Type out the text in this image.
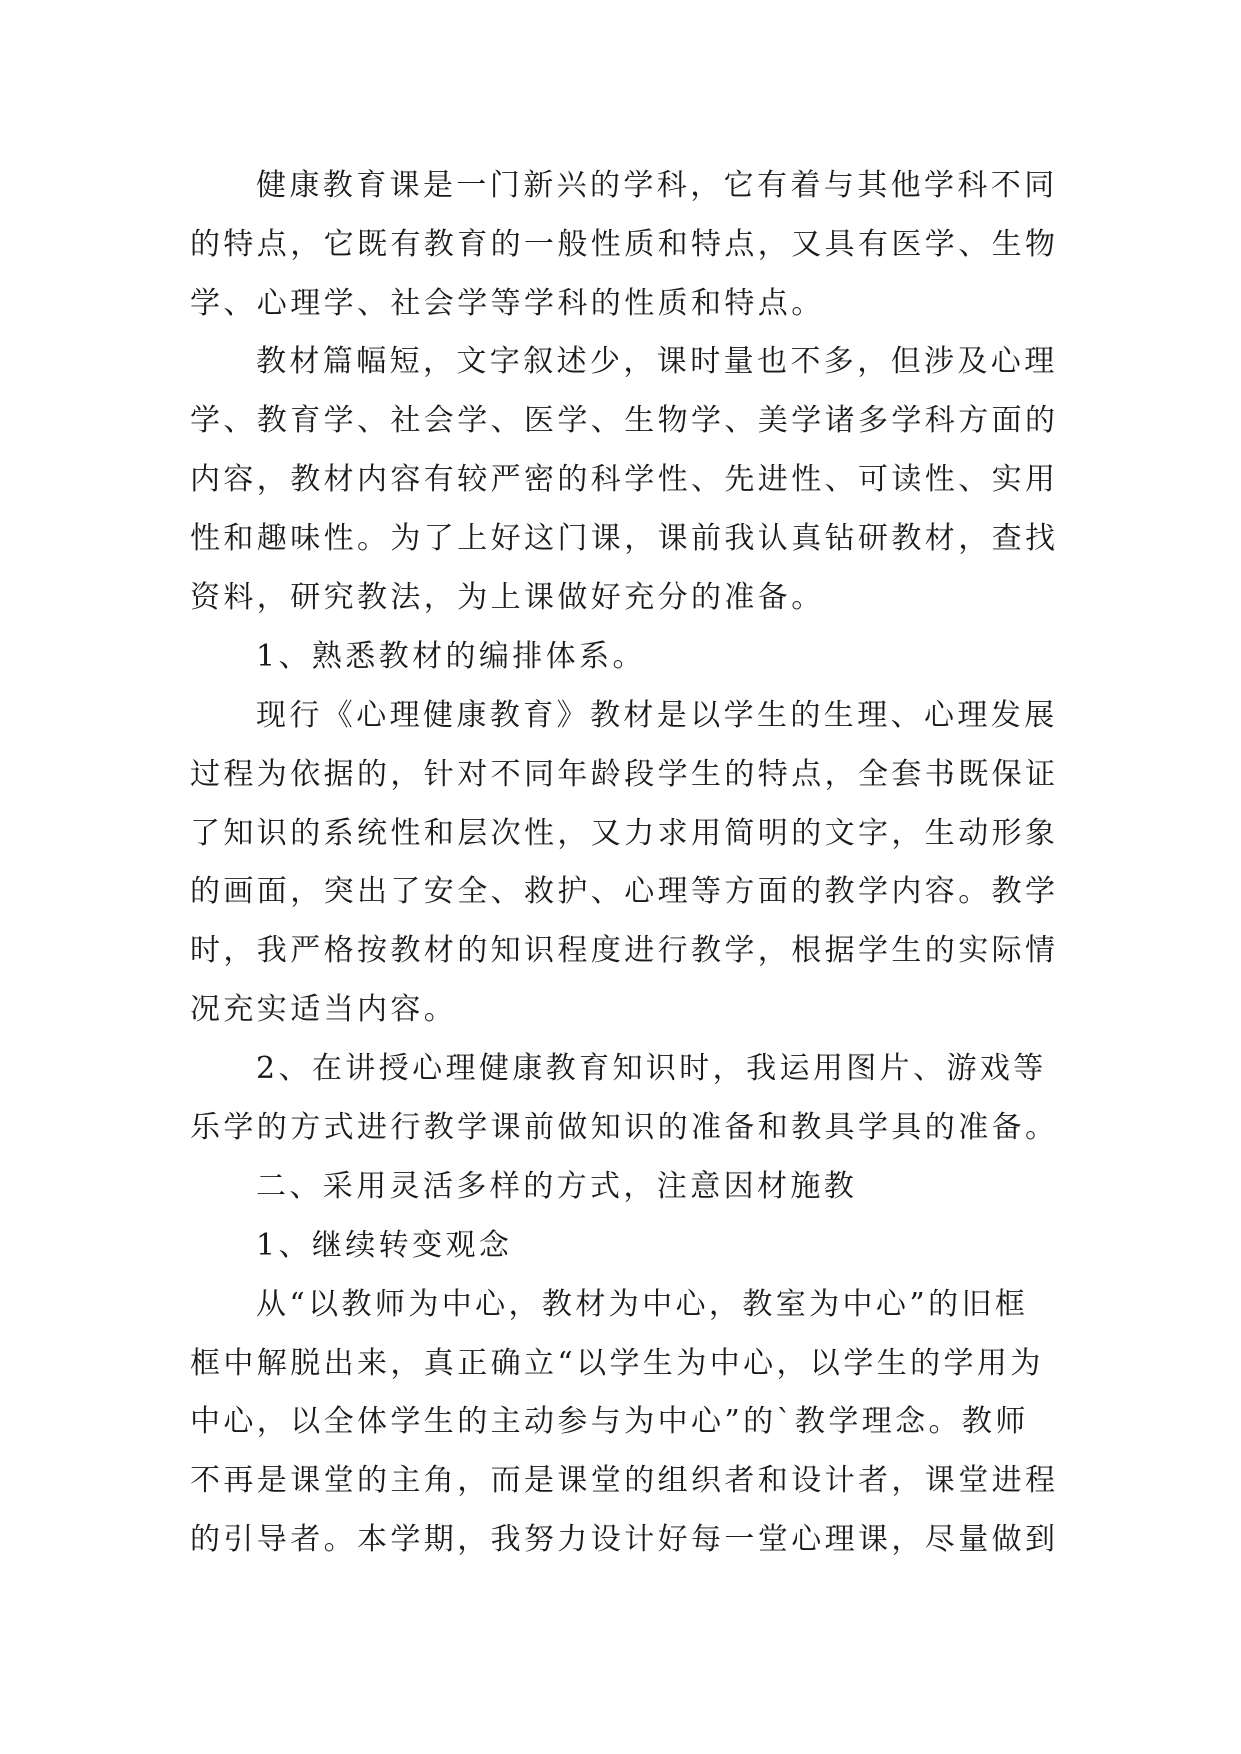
健康教育课是一门新兴的学科，它有着与其他学科不同
的特点，它既有教育的一般性质和特点，又具有医学、生物
学、心理学、社会学等学科的性质和特点。
教材篇幅短，文字叙述少，课时量也不多，但涉及心理
学、教育学、社会学、医学、生物学、美学诸多学科方面的
内容，教材内容有较严密的科学性、先进性、可读性、实用
性和趣味性。为了上好这门课，课前我认真钻研教材，查找
资料，研究教法，为上课做好充分的准备。
1、熟悉教材的编排体系。
现行《心理健康教育》教材是以学生的生理、心理发展
过程为依据的，针对不同年龄段学生的特点，全套书既保证
了知识的系统性和层次性，又力求用简明的文字，生动形象
的画面，突出了安全、救护、心理等方面的教学内容。教学
时，我严格按教材的知识程度进行教学，根据学生的实际情
况充实适当内容。
2、在讲授心理健康教育知识时，我运用图片、游戏等
乐学的方式进行教学课前做知识的准备和教具学具的准备。
二、采用灵活多样的方式，注意因材施教
1、继续转变观念
从“以教师为中心，教材为中心，教室为中心”的旧框
框中解脱出来，真正确立“以学生为中心，以学生的学用为
中心，以全体学生的主动参与为中心”的`教学理念。教师
不再是课堂的主角，而是课堂的组织者和设计者，课堂进程
的引导者。本学期，我努力设计好每一堂心理课，尽量做到
